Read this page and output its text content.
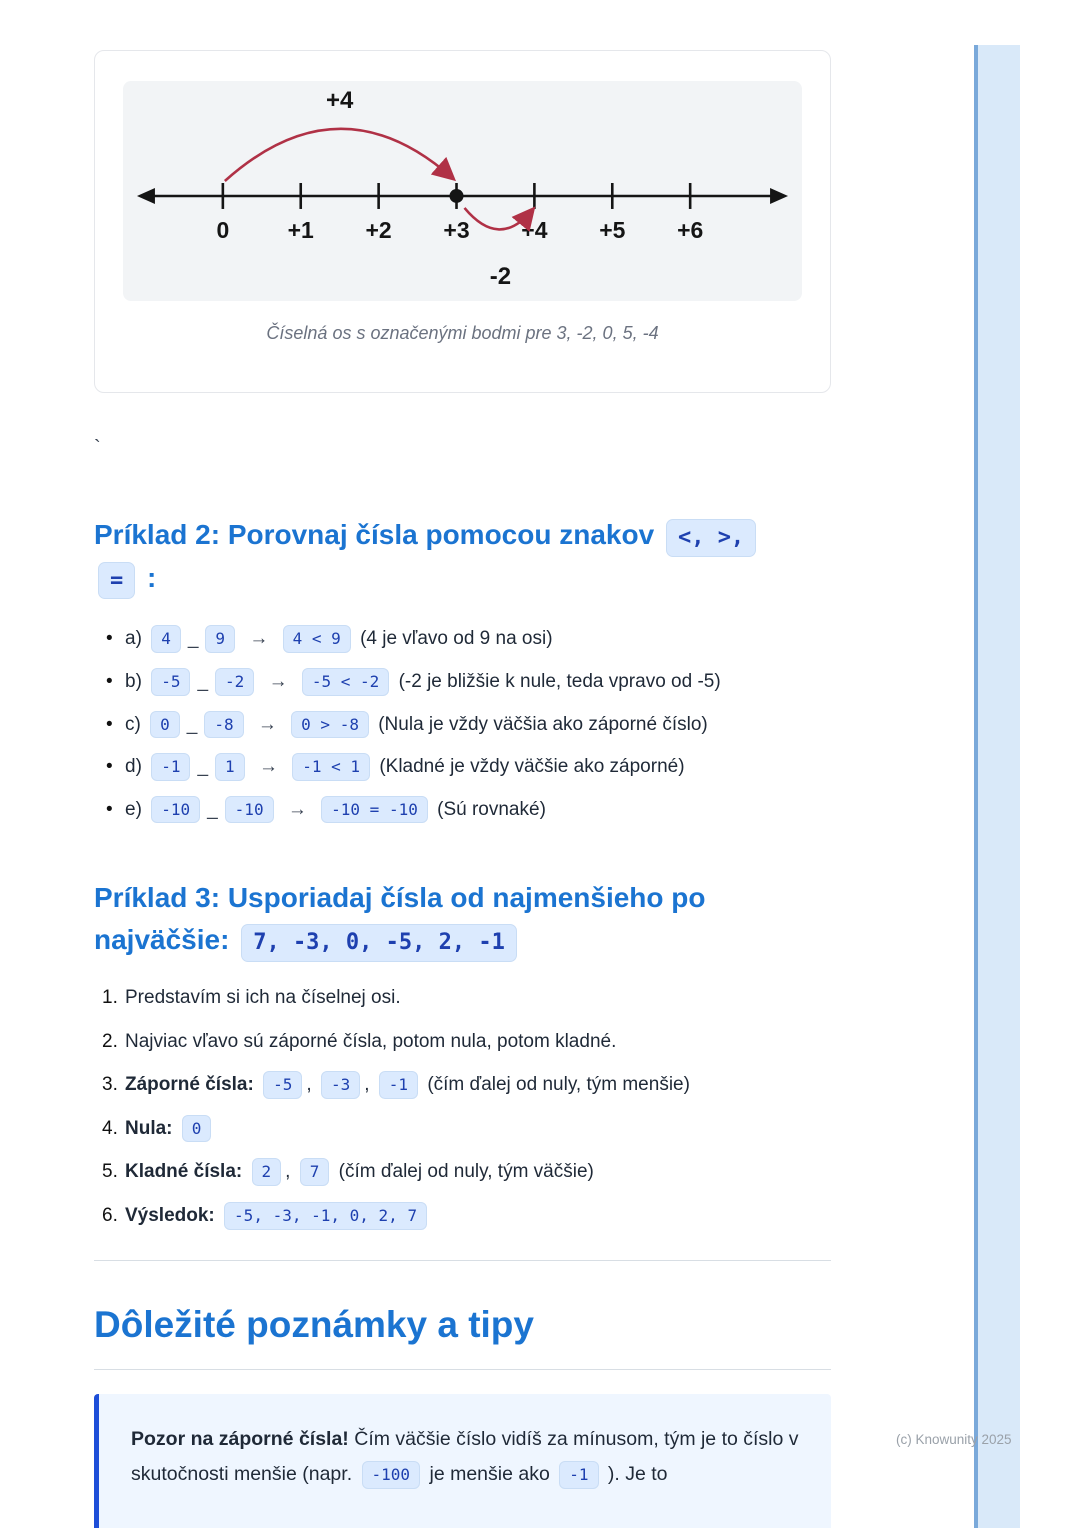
0	+1 +2 +3 +4 +5 +6
+4
-2
Číselná os s označenými bodmi pre 3, -2, 0, 5, -4
`
Príklad 2: Porovnaj čísla pomocou znakov <, >,
= :
• a) 4 _ 9 → 4 < 9 (4 je vľavo od 9 na osi)
• b) -5 _ -2 → -5 < -2 (-2 je bližšie k nule, teda vpravo od -5)
• c) 0 _ -8 → 0 > -8 (Nula je vždy väčšia ako záporné číslo)
• d) -1 _ 1 → -1 < 1 (Kladné je vždy väčšie ako záporné)
• e) -10 _ -10 → -10 = -10 (Sú rovnaké)
Príklad 3: Usporiadaj čísla od najmenšieho po
najväčšie: 7, -3, 0, -5, 2, -1
1. Predstavím si ich na číselnej osi.
2. Najviac vľavo sú záporné čísla, potom nula, potom kladné.
3. Záporné čísla: -5 , -3 , -1 (čím ďalej od nuly, tým menšie)
4. Nula: 0
5. Kladné čísla: 2 , 7 (čím ďalej od nuly, tým väčšie)
6. Výsledok: -5, -3, -1, 0, 2, 7
Dôležité poznámky a tipy

Pozor na záporné čísla! Čím väčšie číslo vidíš za mínusom, tým je to číslo v skutočnosti menšie (napr. -100 je menšie ako -1 ). Je to

(c) Knowunity 2025
